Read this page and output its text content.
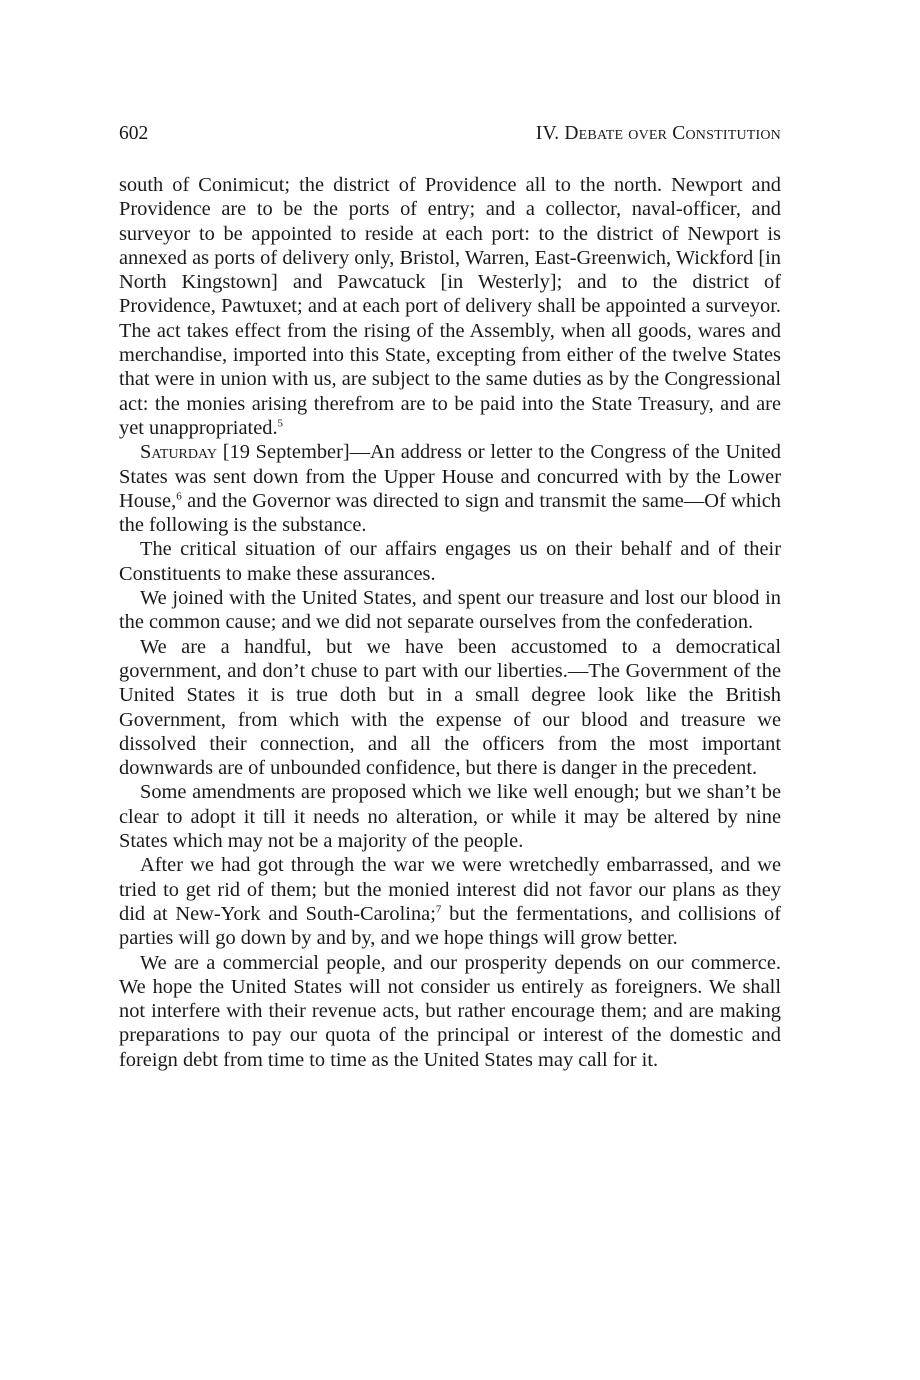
602	IV. Debate over Constitution

south of Conimicut; the district of Providence all to the north. Newport and Providence are to be the ports of entry; and a collector, naval-officer, and surveyor to be appointed to reside at each port: to the district of Newport is annexed as ports of delivery only, Bristol, Warren, East-Greenwich, Wickford [in North Kingstown] and Pawcatuck [in Westerly]; and to the district of Providence, Pawtuxet; and at each port of delivery shall be appointed a surveyor. The act takes effect from the rising of the Assembly, when all goods, wares and merchandise, imported into this State, excepting from either of the twelve States that were in union with us, are subject to the same duties as by the Congressional act: the monies arising therefrom are to be paid into the State Treasury, and are yet unappropriated.$^5$

Saturday [19 September]—An address or letter to the Congress of the United States was sent down from the Upper House and concurred with by the Lower House,$^6$ and the Governor was directed to sign and transmit the same—Of which the following is the substance.

The critical situation of our affairs engages us on their behalf and of their Constituents to make these assurances.

We joined with the United States, and spent our treasure and lost our blood in the common cause; and we did not separate ourselves from the confederation.

We are a handful, but we have been accustomed to a democratical government, and don’t chuse to part with our liberties.—The Government of the United States it is true doth but in a small degree look like the British Government, from which with the expense of our blood and treasure we dissolved their connection, and all the officers from the most important downwards are of unbounded confidence, but there is danger in the precedent.

Some amendments are proposed which we like well enough; but we shan’t be clear to adopt it till it needs no alteration, or while it may be altered by nine States which may not be a majority of the people.

After we had got through the war we were wretchedly embarrassed, and we tried to get rid of them; but the monied interest did not favor our plans as they did at New-York and South-Carolina;$^7$ but the fermentations, and collisions of parties will go down by and by, and we hope things will grow better.

We are a commercial people, and our prosperity depends on our commerce. We hope the United States will not consider us entirely as foreigners. We shall not interfere with their revenue acts, but rather encourage them; and are making preparations to pay our quota of the principal or interest of the domestic and foreign debt from time to time as the United States may call for it.
